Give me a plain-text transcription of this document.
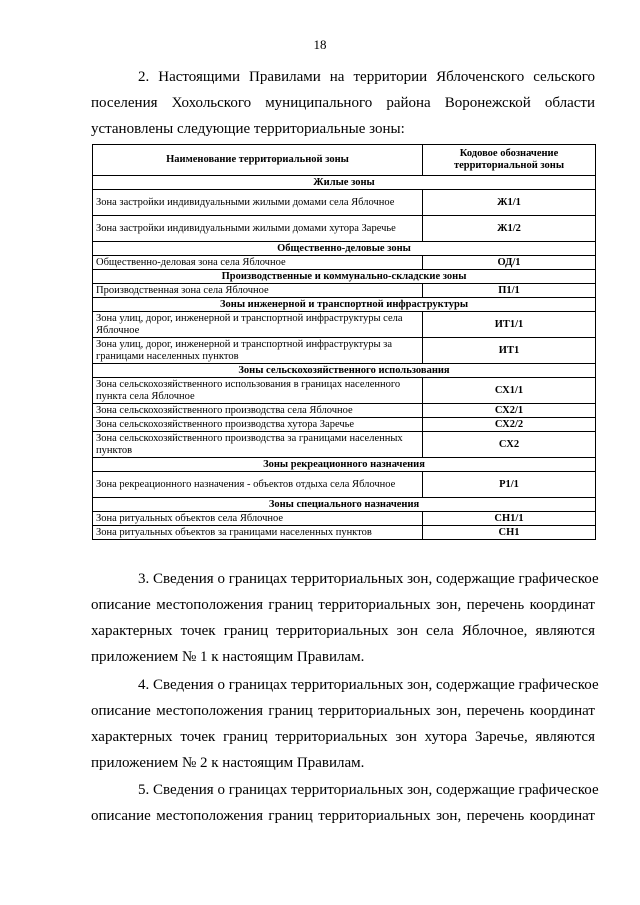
18
2. Настоящими Правилами на территории Яблоченского сельского
поселения Хохольского муниципального района Воронежской области
установлены следующие территориальные зоны:
Наименование территориальной зоны	Кодовое обозначение территориальной зоны
Жилые зоны	
Зона застройки индивидуальными жилыми домами села Яблочное	Ж1/1
Зона застройки индивидуальными жилыми домами хутора Заречье	Ж1/2
Общественно-деловые зоны	
Общественно-деловая зона села Яблочное	ОД/1
Производственные и коммунально-складские зоны	
Производственная зона села Яблочное	П1/1
Зоны инженерной и транспортной инфраструктуры	
Зона улиц, дорог, инженерной и транспортной инфраструктуры села Яблочное	ИТ1/1
Зона улиц, дорог, инженерной и транспортной инфраструктуры за границами населенных пунктов	ИТ1
Зоны сельскохозяйственного использования	
Зона сельскохозяйственного использования в границах населенного пункта села Яблочное	СХ1/1
Зона сельскохозяйственного производства села Яблочное	СХ2/1
Зона сельскохозяйственного производства хутора Заречье	СХ2/2
Зона сельскохозяйственного производства за границами населенных пунктов	СХ2
Зоны рекреационного назначения	
Зона рекреационного назначения - объектов отдыха села Яблочное	Р1/1
Зоны специального назначения	
Зона ритуальных объектов села Яблочное	СН1/1
Зона ритуальных объектов за границами населенных пунктов	СН1
3. Сведения о границах территориальных зон, содержащие графическое
описание местоположения границ территориальных зон, перечень координат
характерных точек границ территориальных зон села Яблочное, являются
приложением № 1 к настоящим Правилам.
4. Сведения о границах территориальных зон, содержащие графическое
описание местоположения границ территориальных зон, перечень координат
характерных точек границ территориальных зон хутора Заречье, являются
приложением № 2 к настоящим Правилам.
5. Сведения о границах территориальных зон, содержащие графическое
описание местоположения границ территориальных зон, перечень координат
